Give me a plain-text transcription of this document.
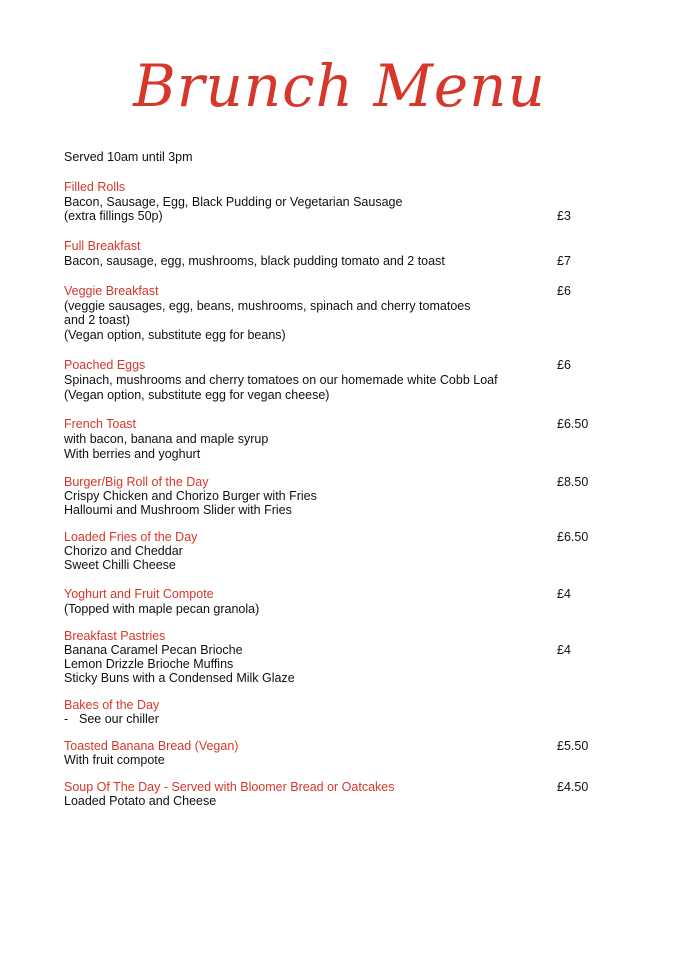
Brunch Menu
Served 10am until 3pm
Filled Rolls
Bacon, Sausage, Egg, Black Pudding or Vegetarian Sausage
(extra fillings 50p)	£3
Full Breakfast
Bacon, sausage, egg, mushrooms, black pudding tomato and 2 toast	£7
Veggie Breakfast	£6
(veggie sausages, egg, beans, mushrooms, spinach and cherry tomatoes
and 2 toast)
(Vegan option, substitute egg for beans)
Poached Eggs	£6
Spinach, mushrooms and cherry tomatoes on our homemade white Cobb Loaf
(Vegan option, substitute egg for vegan cheese)
French Toast	£6.50
with bacon, banana and maple syrup
With berries and yoghurt
Burger/Big Roll of the Day	£8.50
Crispy Chicken and Chorizo Burger with Fries
Halloumi and Mushroom Slider with Fries
Loaded Fries of the Day	£6.50
Chorizo and Cheddar
Sweet Chilli Cheese
Yoghurt and Fruit Compote	£4
(Topped with maple pecan granola)
Breakfast Pastries
Banana Caramel Pecan Brioche	£4
Lemon Drizzle Brioche Muffins
Sticky Buns with a Condensed Milk Glaze
Bakes of the Day
- See our chiller
Toasted Banana Bread (Vegan)	£5.50
With fruit compote
Soup Of The Day - Served with Bloomer Bread or Oatcakes	£4.50
Loaded Potato and Cheese
